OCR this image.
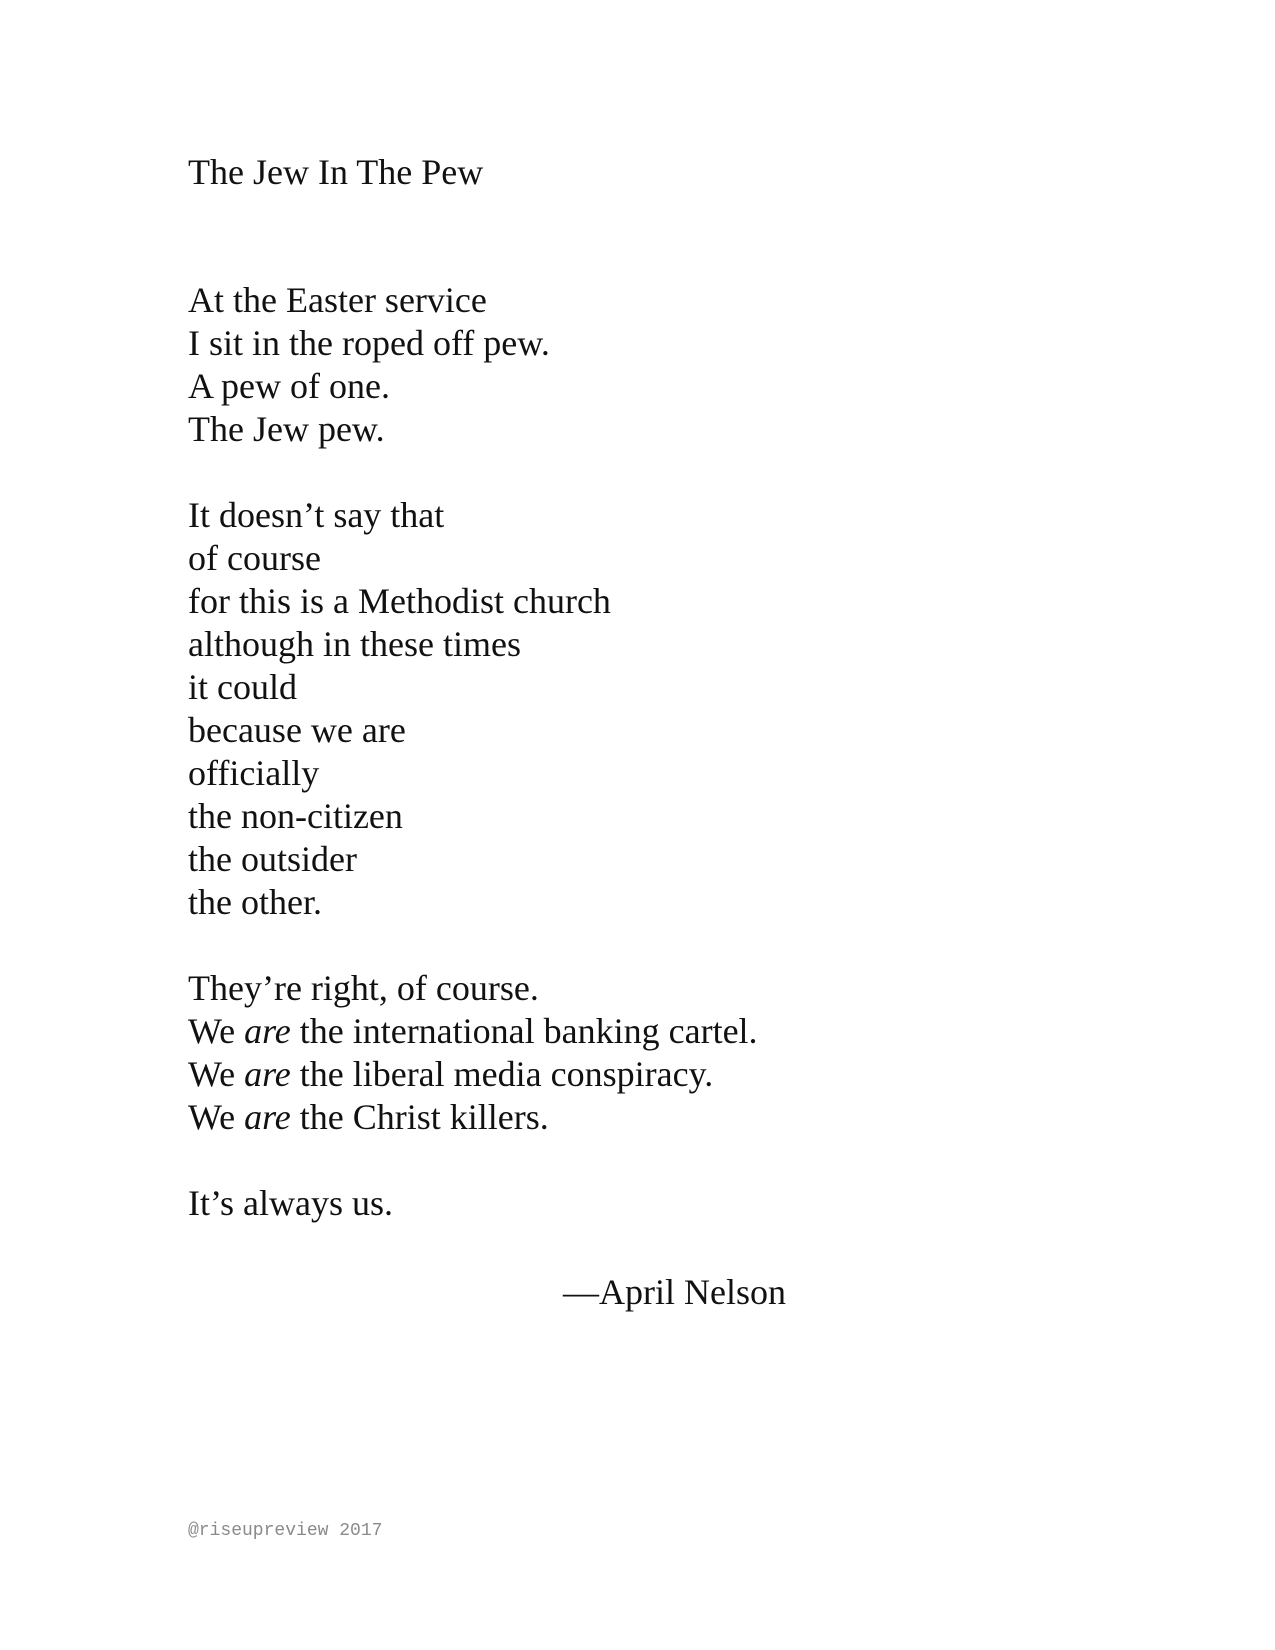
The Jew In The Pew
At the Easter service
I sit in the roped off pew.
A pew of one.
The Jew pew.
It doesn’t say that
of course
for this is a Methodist church
although in these times
it could
because we are
officially
the non-citizen
the outsider
the other.
They’re right, of course.
We are the international banking cartel.
We are the liberal media conspiracy.
We are the Christ killers.
It’s always us.
—April Nelson
@riseupreview 2017
